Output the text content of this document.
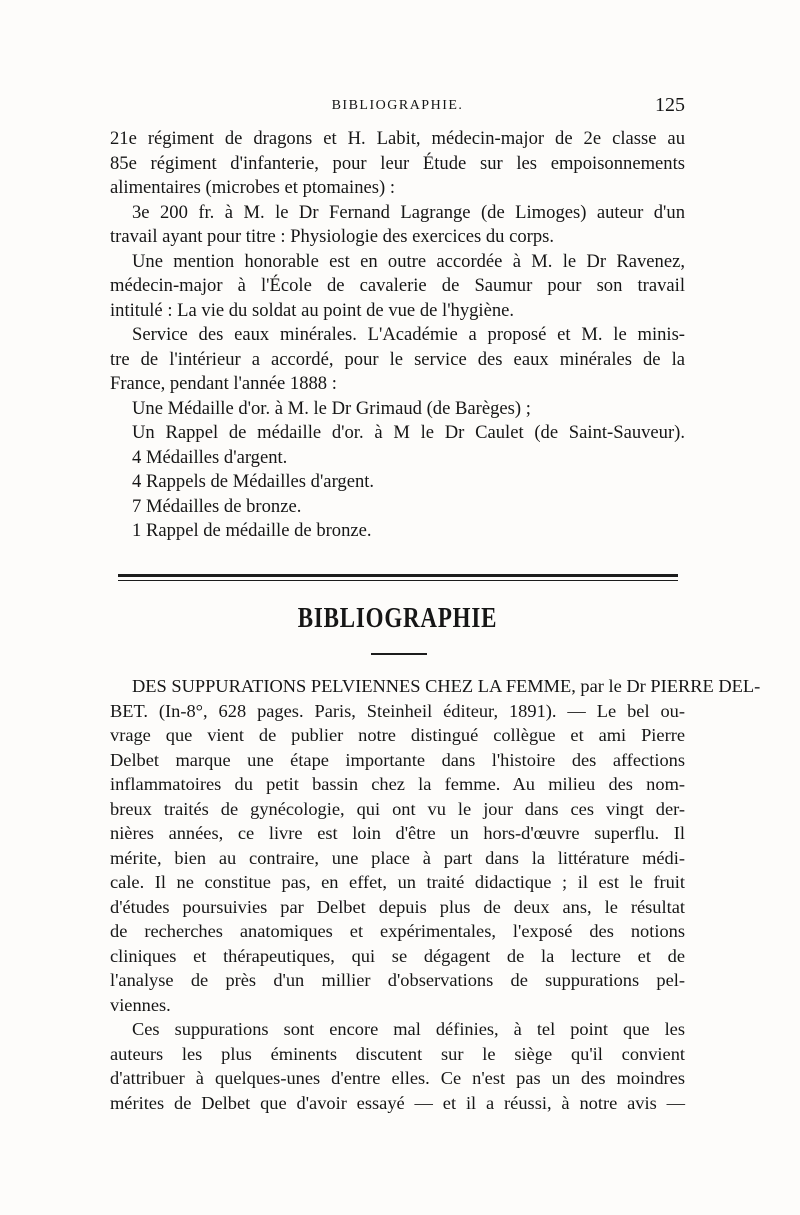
BIBLIOGRAPHIE.	125
21e régiment de dragons et H. Labit, médecin-major de 2e classe au
85e régiment d'infanterie, pour leur Étude sur les empoisonnements
alimentaires (microbes et ptomaines) :
3e 200 fr. à M. le Dr Fernand Lagrange (de Limoges) auteur d'un
travail ayant pour titre : Physiologie des exercices du corps.
Une mention honorable est en outre accordée à M. le Dr Ravenez,
médecin-major à l'École de cavalerie de Saumur pour son travail
intitulé : La vie du soldat au point de vue de l'hygiène.
Service des eaux minérales. L'Académie a proposé et M. le minis-
tre de l'intérieur a accordé, pour le service des eaux minérales de la
France, pendant l'année 1888 :
Une Médaille d'or. à M. le Dr Grimaud (de Barèges) ;
Un Rappel de médaille d'or. à M le Dr Caulet (de Saint-Sauveur).
4 Médailles d'argent.
4 Rappels de Médailles d'argent.
7 Médailles de bronze.
1 Rappel de médaille de bronze.
BIBLIOGRAPHIE
DES SUPPURATIONS PELVIENNES CHEZ LA FEMME, par le Dr PIERRE DEL-
BET. (In-8°, 628 pages. Paris, Steinheil éditeur, 1891). — Le bel ou-
vrage que vient de publier notre distingué collègue et ami Pierre
Delbet marque une étape importante dans l'histoire des affections
inflammatoires du petit bassin chez la femme. Au milieu des nom-
breux traités de gynécologie, qui ont vu le jour dans ces vingt der-
nières années, ce livre est loin d'être un hors-d'œuvre superflu. Il
mérite, bien au contraire, une place à part dans la littérature médi-
cale. Il ne constitue pas, en effet, un traité didactique ; il est le fruit
d'études poursuivies par Delbet depuis plus de deux ans, le résultat
de recherches anatomiques et expérimentales, l'exposé des notions
cliniques et thérapeutiques, qui se dégagent de la lecture et de
l'analyse de près d'un millier d'observations de suppurations pel-
viennes.
Ces suppurations sont encore mal définies, à tel point que les
auteurs les plus éminents discutent sur le siège qu'il convient
d'attribuer à quelques-unes d'entre elles. Ce n'est pas un des moindres
mérites de Delbet que d'avoir essayé — et il a réussi, à notre avis —
